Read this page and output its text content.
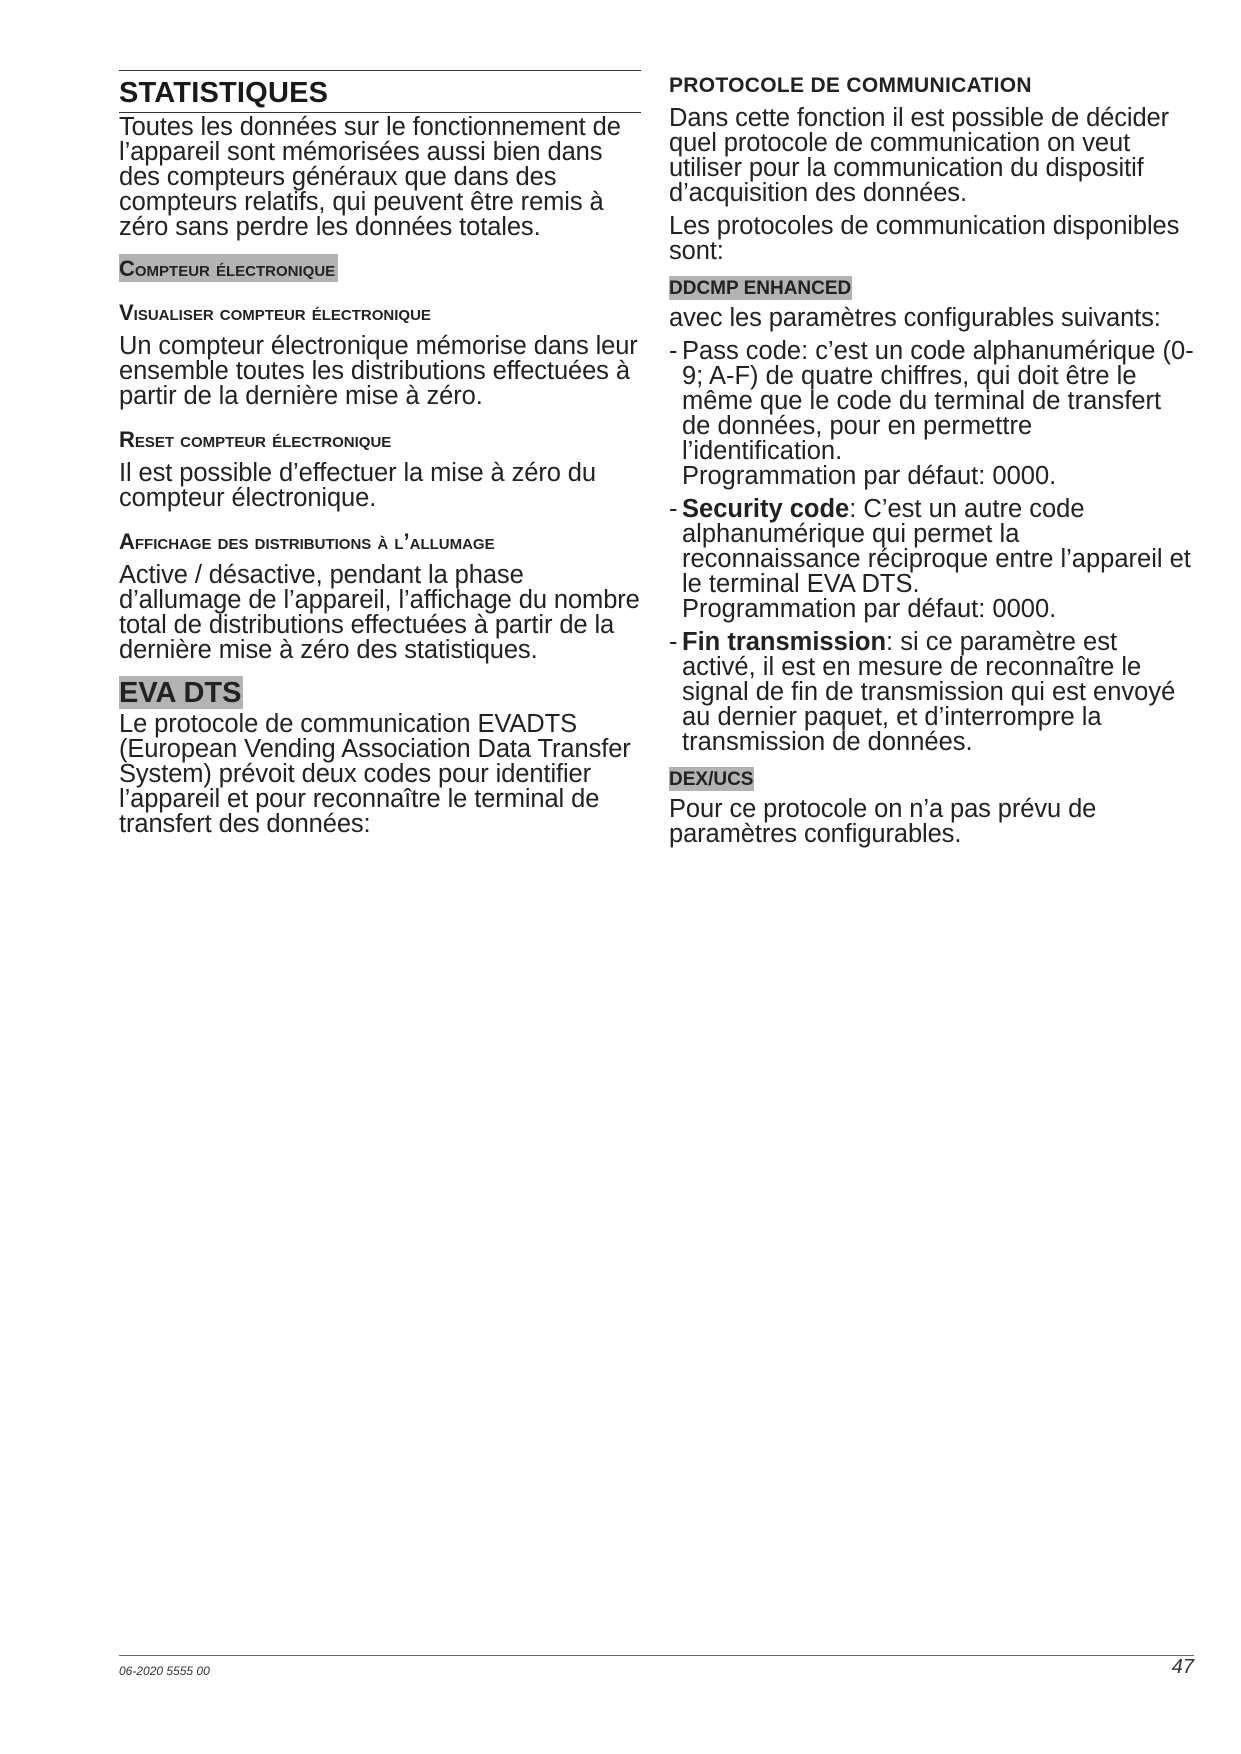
STATISTIQUES

Toutes les données sur le fonctionnement de l’appareil sont mémorisées aussi bien dans des compteurs généraux que dans des compteurs relatifs, qui peuvent être remis à zéro sans perdre les données totales.

Compteur électronique
Visualiser compteur électronique

Un compteur électronique mémorise dans leur ensemble toutes les distributions effectuées à partir de la dernière mise à zéro.

Reset compteur électronique

Il est possible d’effectuer la mise à zéro du compteur électronique.

Affichage des distributions à l’allumage

Active / désactive, pendant la phase d’allumage de l’appareil, l’affichage du nombre total de distributions effectuées à partir de la dernière mise à zéro des statistiques.

EVA DTS

Le protocole de communication EVADTS (European Vending Association Data Transfer System) prévoit deux codes pour identifier l’appareil et pour reconnaître le terminal de transfert des données:

PROTOCOLE DE COMMUNICATION

Dans cette fonction il est possible de décider quel protocole de communication on veut utiliser pour la communication du dispositif d’acquisition des données.

Les protocoles de communication disponibles sont:

DDCMP ENHANCED

avec les paramètres configurables suivants:

- Pass code: c’est un code alphanumérique (0-9; A-F) de quatre chiffres, qui doit être le même que le code du terminal de transfert de données, pour en permettre l’identification.
Programmation par défaut: 0000.
- Security code: C’est un autre code alphanumérique qui permet la reconnaissance réciproque entre l’appareil et le terminal EVA DTS.
Programmation par défaut: 0000.
- Fin transmission: si ce paramètre est activé, il est en mesure de reconnaître le signal de fin de transmission qui est envoyé au dernier paquet, et d’interrompre la transmission de données.
DEX/UCS

Pour ce protocole on n’a pas prévu de paramètres configurables.

06-2020 5555 00	47
